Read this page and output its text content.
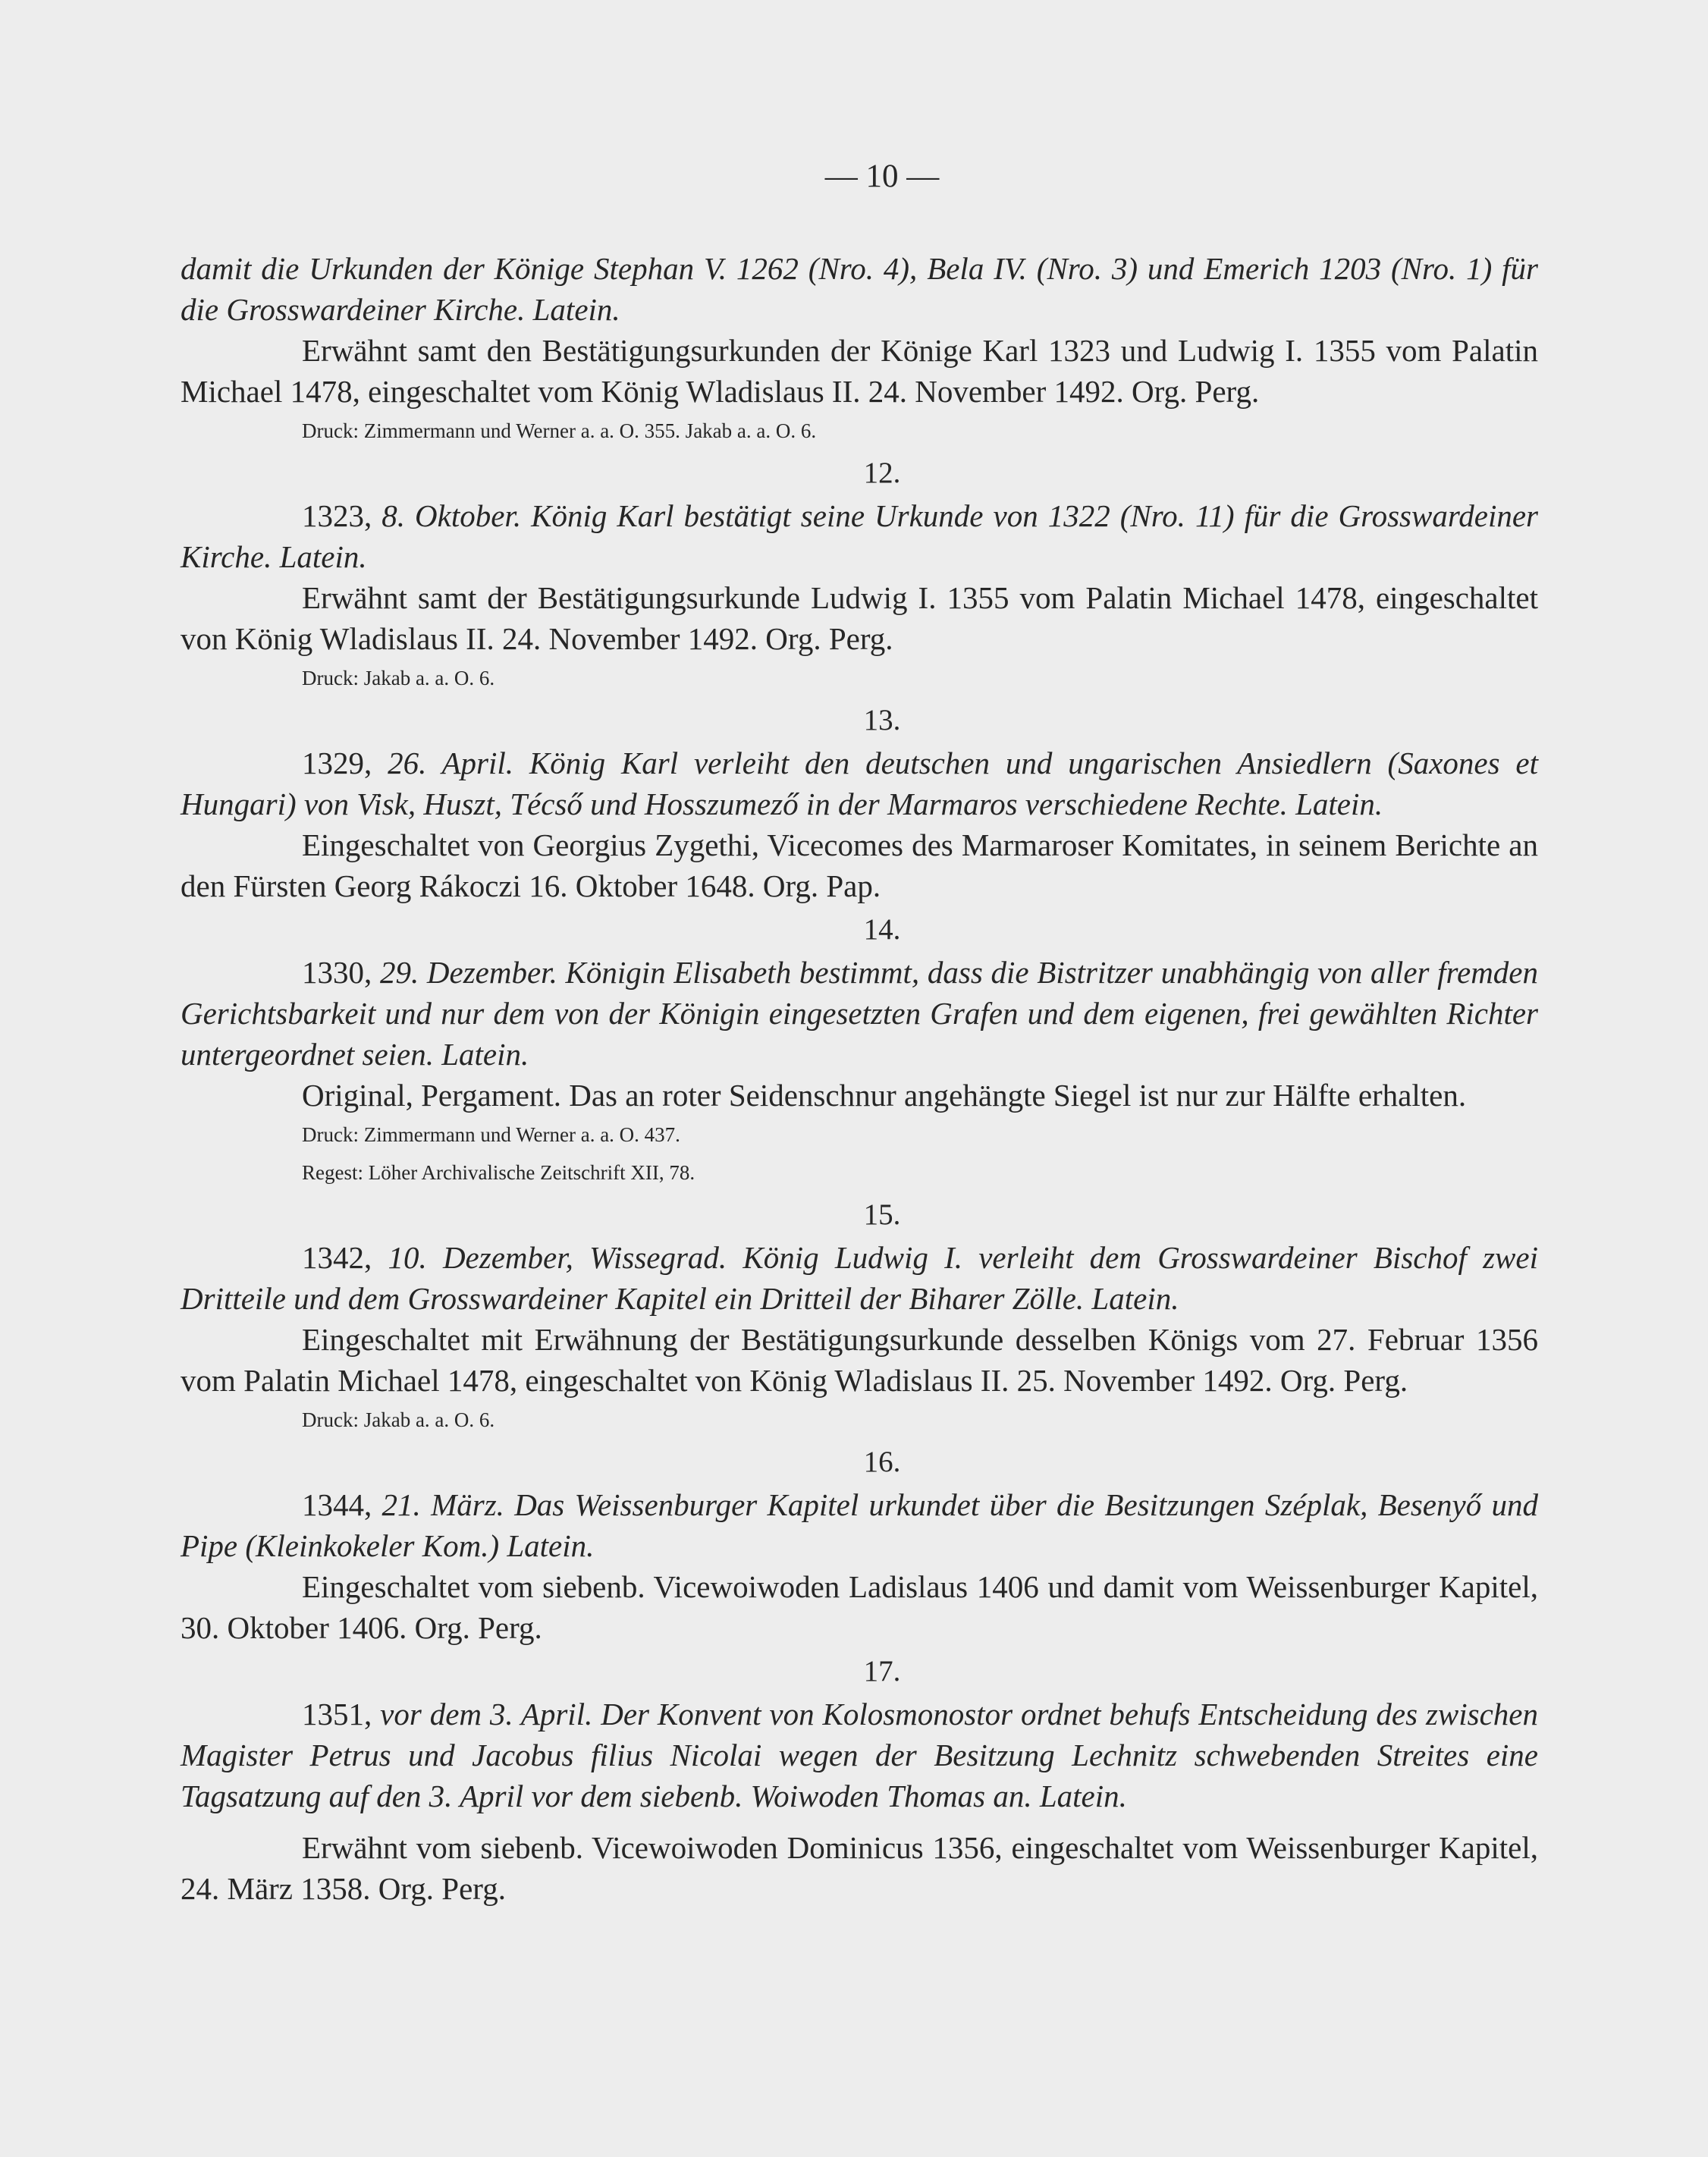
— 10 —

damit die Urkunden der Könige Stephan V. 1262 (Nro. 4), Bela IV. (Nro. 3) und Emerich 1203 (Nro. 1) für die Grosswardeiner Kirche. Latein.

Erwähnt samt den Bestätigungsurkunden der Könige Karl 1323 und Ludwig I. 1355 vom Palatin Michael 1478, eingeschaltet vom König Wladislaus II. 24. November 1492. Org. Perg.

Druck: Zimmermann und Werner a. a. O. 355. Jakab a. a. O. 6.

12.

1323, 8. Oktober. König Karl bestätigt seine Urkunde von 1322 (Nro. 11) für die Grosswardeiner Kirche. Latein.

Erwähnt samt der Bestätigungsurkunde Ludwig I. 1355 vom Palatin Michael 1478, eingeschaltet von König Wladislaus II. 24. November 1492. Org. Perg.

Druck: Jakab a. a. O. 6.

13.

1329, 26. April. König Karl verleiht den deutschen und ungarischen Ansiedlern (Saxones et Hungari) von Visk, Huszt, Técső und Hosszumező in der Marmaros verschiedene Rechte. Latein.

Eingeschaltet von Georgius Zygethi, Vicecomes des Marmaroser Komitates, in seinem Berichte an den Fürsten Georg Rákoczi 16. Oktober 1648. Org. Pap.

14.

1330, 29. Dezember. Königin Elisabeth bestimmt, dass die Bistritzer unabhängig von aller fremden Gerichtsbarkeit und nur dem von der Königin eingesetzten Grafen und dem eigenen, frei gewählten Richter untergeordnet seien. Latein.

Original, Pergament. Das an roter Seidenschnur angehängte Siegel ist nur zur Hälfte erhalten.

Druck: Zimmermann und Werner a. a. O. 437.

Regest: Löher Archivalische Zeitschrift XII, 78.

15.

1342, 10. Dezember, Wissegrad. König Ludwig I. verleiht dem Grosswardeiner Bischof zwei Dritteile und dem Grosswardeiner Kapitel ein Dritteil der Biharer Zölle. Latein.

Eingeschaltet mit Erwähnung der Bestätigungsurkunde desselben Königs vom 27. Februar 1356 vom Palatin Michael 1478, eingeschaltet von König Wladislaus II. 25. November 1492. Org. Perg.

Druck: Jakab a. a. O. 6.

16.

1344, 21. März. Das Weissenburger Kapitel urkundet über die Besitzungen Széplak, Besenyő und Pipe (Kleinkokeler Kom.) Latein.

Eingeschaltet vom siebenb. Vicewoiwoden Ladislaus 1406 und damit vom Weissenburger Kapitel, 30. Oktober 1406. Org. Perg.

17.

1351, vor dem 3. April. Der Konvent von Kolosmonostor ordnet behufs Entscheidung des zwischen Magister Petrus und Jacobus filius Nicolai wegen der Besitzung Lechnitz schwebenden Streites eine Tagsatzung auf den 3. April vor dem siebenb. Woiwoden Thomas an. Latein.

Erwähnt vom siebenb. Vicewoiwoden Dominicus 1356, eingeschaltet vom Weissenburger Kapitel, 24. März 1358. Org. Perg.
